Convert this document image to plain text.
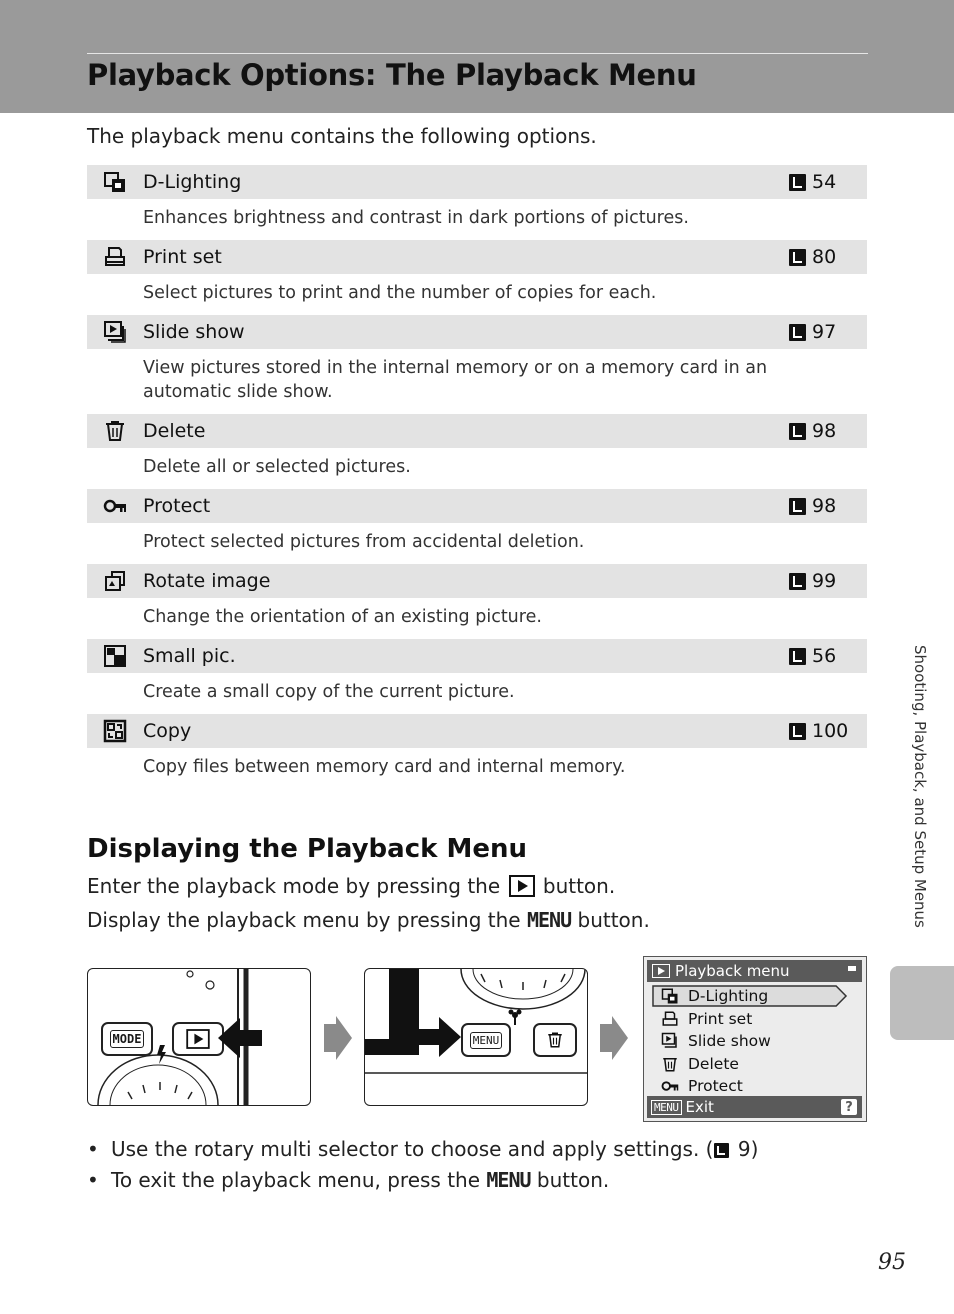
Playback Options: The Playback Menu
The playback menu contains the following options.
D-Lighting	54
Enhances brightness and contrast in dark portions of pictures.
Print set	80
Select pictures to print and the number of copies for each.
Slide show	97
View pictures stored in the internal memory or on a memory card in an automatic slide show.
Delete	98
Delete all or selected pictures.
Protect	98
Protect selected pictures from accidental deletion.
Rotate image	99
Change the orientation of an existing picture.
Small pic.	56
Create a small copy of the current picture.
Copy	100
Copy files between memory card and internal memory.
Displaying the Playback Menu
Enter the playback mode by pressing the button.
Display the playback menu by pressing the MENU button.
MODE	MENU
Playback menu
D-Lighting
Print set
Slide show
Delete
Protect
MENU Exit	?
• Use the rotary multi selector to choose and apply settings. ( 9)
• To exit the playback menu, press the MENU button.
Shooting, Playback, and Setup Menus
95
